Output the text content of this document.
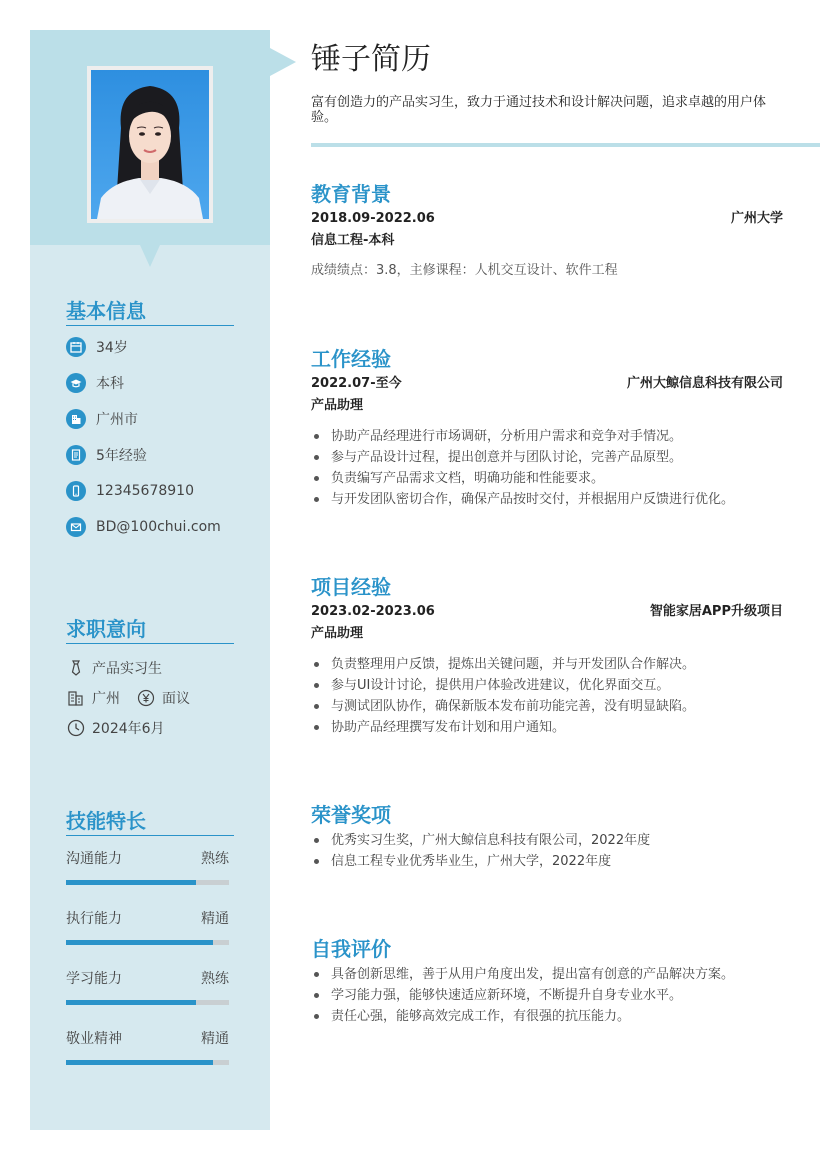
基本信息
34岁
本科
广州市
5年经验
12345678910
BD@100chui.com
求职意向
产品实习生
广州	面议
2024年6月
技能特长
沟通能力	熟练
执行能力	精通
学习能力	熟练
敬业精神	精通
锤子简历
富有创造力的产品实习生，致力于通过技术和设计解决问题，追求卓越的用户体验。
教育背景
2018.09-2022.06	广州大学
信息工程-本科
成绩绩点：3.8，主修课程：人机交互设计、软件工程
工作经验
2022.07-至今	广州大鲸信息科技有限公司
产品助理
协助产品经理进行市场调研，分析用户需求和竞争对手情况。
参与产品设计过程，提出创意并与团队讨论，完善产品原型。
负责编写产品需求文档，明确功能和性能要求。
与开发团队密切合作，确保产品按时交付，并根据用户反馈进行优化。
项目经验
2023.02-2023.06	智能家居APP升级项目
产品助理
负责整理用户反馈，提炼出关键问题，并与开发团队合作解决。
参与UI设计讨论，提供用户体验改进建议，优化界面交互。
与测试团队协作，确保新版本发布前功能完善，没有明显缺陷。
协助产品经理撰写发布计划和用户通知。
荣誉奖项
优秀实习生奖，广州大鲸信息科技有限公司，2022年度
信息工程专业优秀毕业生，广州大学，2022年度
自我评价
具备创新思维，善于从用户角度出发，提出富有创意的产品解决方案。
学习能力强，能够快速适应新环境，不断提升自身专业水平。
责任心强，能够高效完成工作，有很强的抗压能力。
